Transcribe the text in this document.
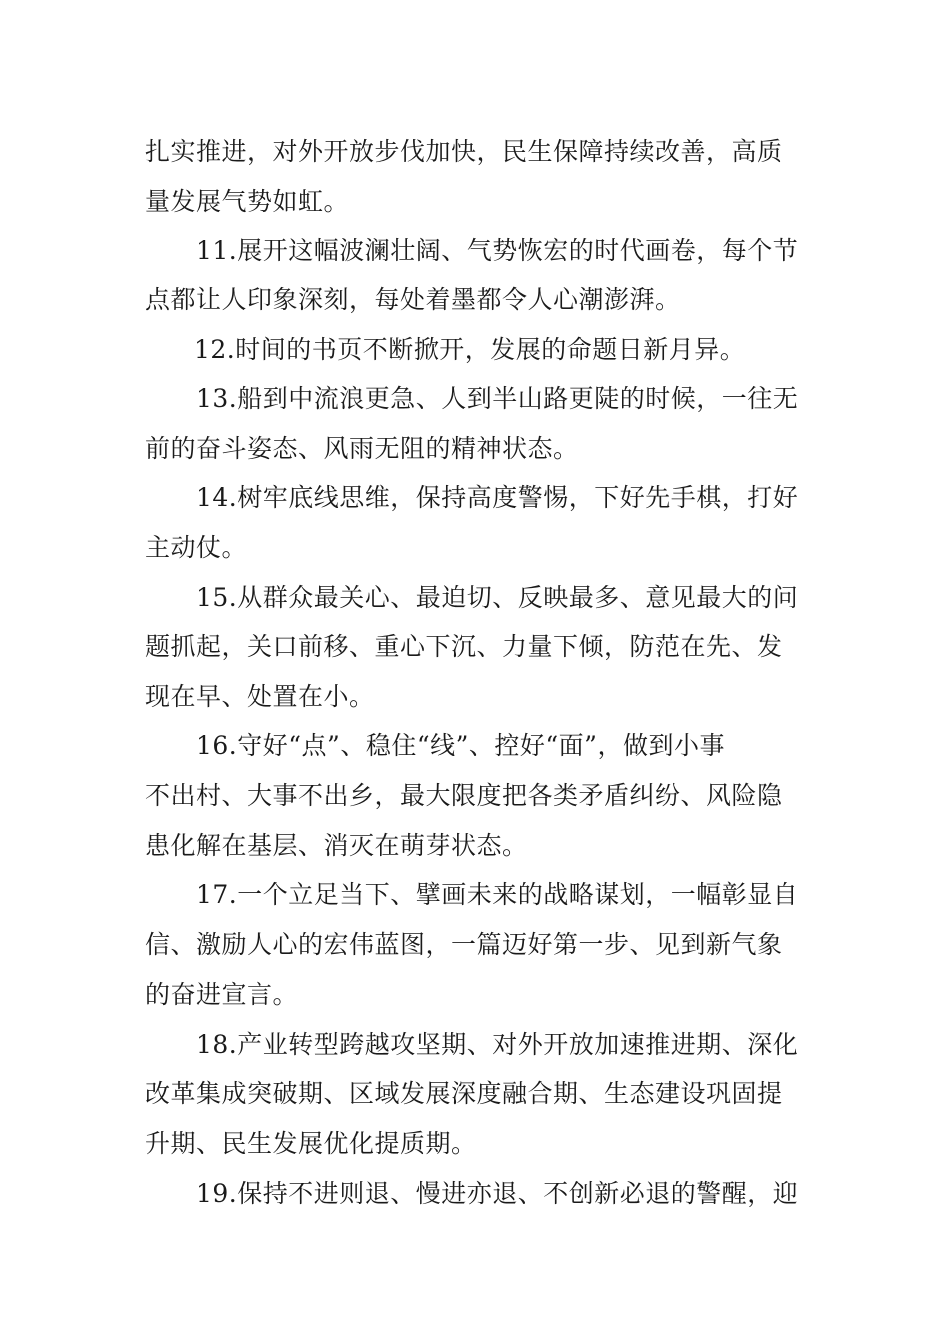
扎实推进，对外开放步伐加快，民生保障持续改善，高质
量发展气势如虹。
11.展开这幅波澜壮阔、气势恢宏的时代画卷，每个节
点都让人印象深刻，每处着墨都令人心潮澎湃。
12.时间的书页不断掀开，发展的命题日新月异。
13.船到中流浪更急、人到半山路更陡的时候，一往无
前的奋斗姿态、风雨无阻的精神状态。
14.树牢底线思维，保持高度警惕，下好先手棋，打好
主动仗。
15.从群众最关心、最迫切、反映最多、意见最大的问
题抓起，关口前移、重心下沉、力量下倾，防范在先、发
现在早、处置在小。
16.守好“点”、稳住“线”、控好“面”，做到小事
不出村、大事不出乡，最大限度把各类矛盾纠纷、风险隐
患化解在基层、消灭在萌芽状态。
17.一个立足当下、擘画未来的战略谋划，一幅彰显自
信、激励人心的宏伟蓝图，一篇迈好第一步、见到新气象
的奋进宣言。
18.产业转型跨越攻坚期、对外开放加速推进期、深化
改革集成突破期、区域发展深度融合期、生态建设巩固提
升期、民生发展优化提质期。
19.保持不进则退、慢进亦退、不创新必退的警醒，迎
